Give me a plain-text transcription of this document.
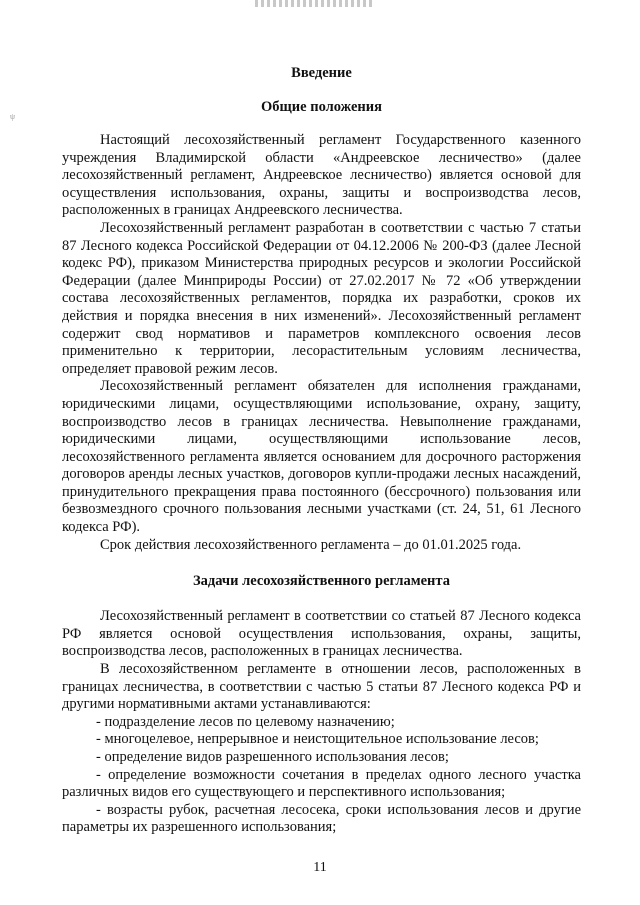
ψ
Введение
Общие положения

Настоящий лесохозяйственный регламент Государственного казенного учреждения Владимирской области «Андреевское лесничество» (далее лесохозяйственный регламент, Андреевское лесничество) является основой для осуществления использования, охраны, защиты и воспроизводства лесов, расположенных в границах Андреевского лесничества.

Лесохозяйственный регламент разработан в соответствии с частью 7 статьи 87 Лесного кодекса Российской Федерации от 04.12.2006 № 200-ФЗ (далее Лесной кодекс РФ), приказом Министерства природных ресурсов и экологии Российской Федерации (далее Минприроды России) от 27.02.2017 № 72 «Об утверждении состава лесохозяйственных регламентов, порядка их разработки, сроков их действия и порядка внесения в них изменений». Лесохозяйственный регламент содержит свод нормативов и параметров комплексного освоения лесов применительно к территории, лесорастительным условиям лесничества, определяет правовой режим лесов.

Лесохозяйственный регламент обязателен для исполнения гражданами, юридическими лицами, осуществляющими использование, охрану, защиту, воспроизводство лесов в границах лесничества. Невыполнение гражданами, юридическими лицами, осуществляющими использование лесов, лесохозяйственного регламента является основанием для досрочного расторжения договоров аренды лесных участков, договоров купли-продажи лесных насаждений, принудительного прекращения права постоянного (бессрочного) пользования или безвозмездного срочного пользования лесными участками (ст. 24, 51, 61 Лесного кодекса РФ).

Срок действия лесохозяйственного регламента – до 01.01.2025 года.

Задачи лесохозяйственного регламента

Лесохозяйственный регламент в соответствии со статьей 87 Лесного кодекса РФ является основой осуществления использования, охраны, защиты, воспроизводства лесов, расположенных в границах лесничества.

В лесохозяйственном регламенте в отношении лесов, расположенных в границах лесничества, в соответствии с частью 5 статьи 87 Лесного кодекса РФ и другими нормативными актами устанавливаются:

- подразделение лесов по целевому назначению;

- многоцелевое, непрерывное и неистощительное использование лесов;

- определение видов разрешенного использования лесов;

- определение возможности сочетания в пределах одного лесного участка различных видов его существующего и перспективного использования;

- возрасты рубок, расчетная лесосека, сроки использования лесов и другие параметры их разрешенного использования;

11
